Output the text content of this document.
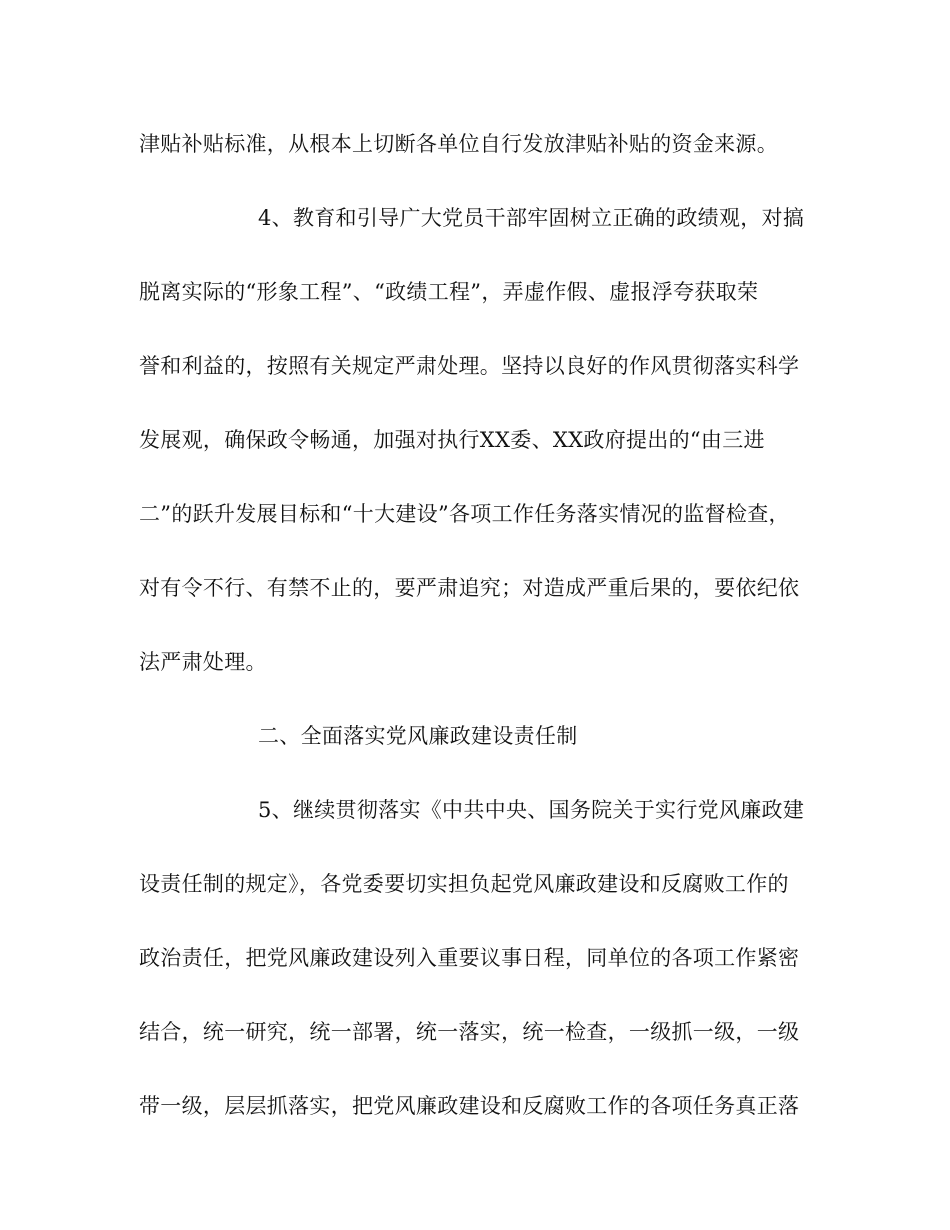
津贴补贴标准，从根本上切断各单位自行发放津贴补贴的资金来源。
4、教育和引导广大党员干部牢固树立正确的政绩观，对搞
脱离实际的“形象工程”、“政绩工程”，弄虚作假、虚报浮夸获取荣
誉和利益的，按照有关规定严肃处理。坚持以良好的作风贯彻落实科学
发展观，确保政令畅通，加强对执行XX委、XX政府提出的“由三进
二”的跃升发展目标和“十大建设”各项工作任务落实情况的监督检查，
对有令不行、有禁不止的，要严肃追究；对造成严重后果的，要依纪依
法严肃处理。
二、全面落实党风廉政建设责任制
5、继续贯彻落实《中共中央、国务院关于实行党风廉政建
设责任制的规定》，各党委要切实担负起党风廉政建设和反腐败工作的
政治责任，把党风廉政建设列入重要议事日程，同单位的各项工作紧密
结合，统一研究，统一部署，统一落实，统一检查，一级抓一级，一级
带一级，层层抓落实，把党风廉政建设和反腐败工作的各项任务真正落
